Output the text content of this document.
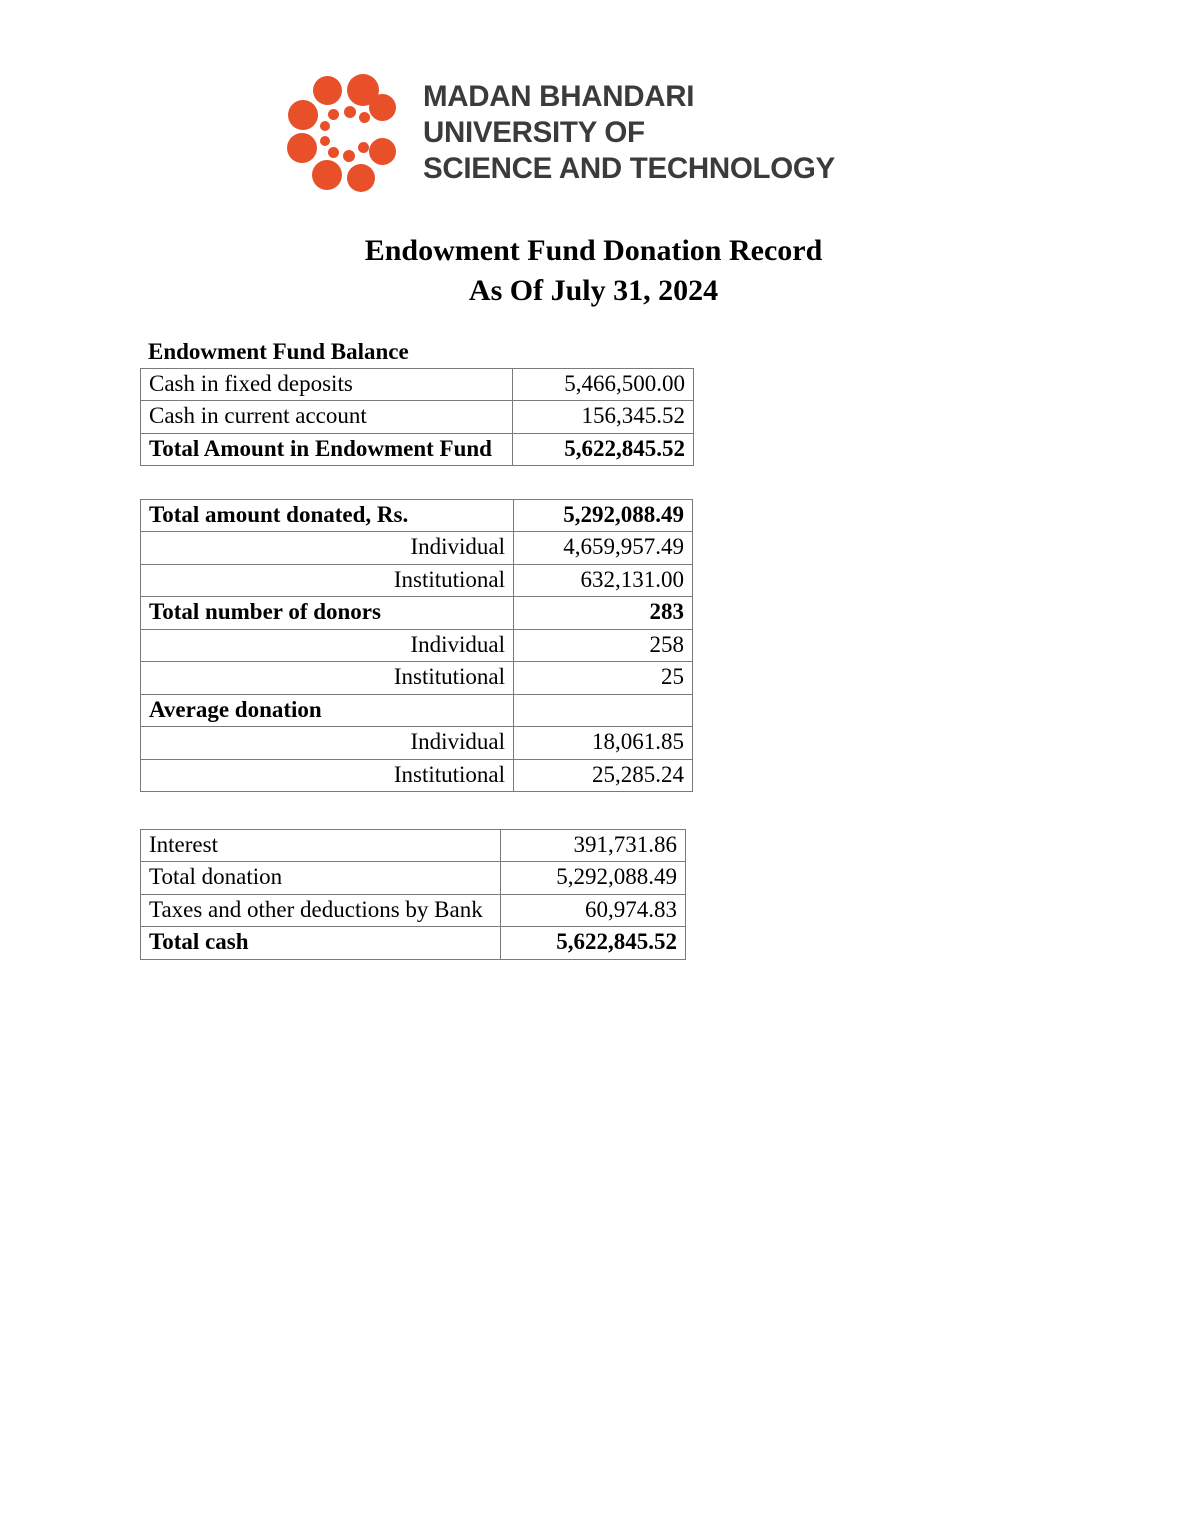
MADAN BHANDARI
UNIVERSITY OF
SCIENCE AND TECHNOLOGY
Endowment Fund Donation Record
As Of July 31, 2024
Endowment Fund Balance
Cash in fixed deposits	5,466,500.00
Cash in current account	156,345.52
Total Amount in Endowment Fund	5,622,845.52
Total amount donated, Rs.	5,292,088.49
Individual	4,659,957.49
Institutional	632,131.00
Total number of donors	283
Individual	258
Institutional	25
Average donation	
Individual	18,061.85
Institutional	25,285.24
Interest	391,731.86
Total donation	5,292,088.49
Taxes and other deductions by Bank	60,974.83
Total cash	5,622,845.52
